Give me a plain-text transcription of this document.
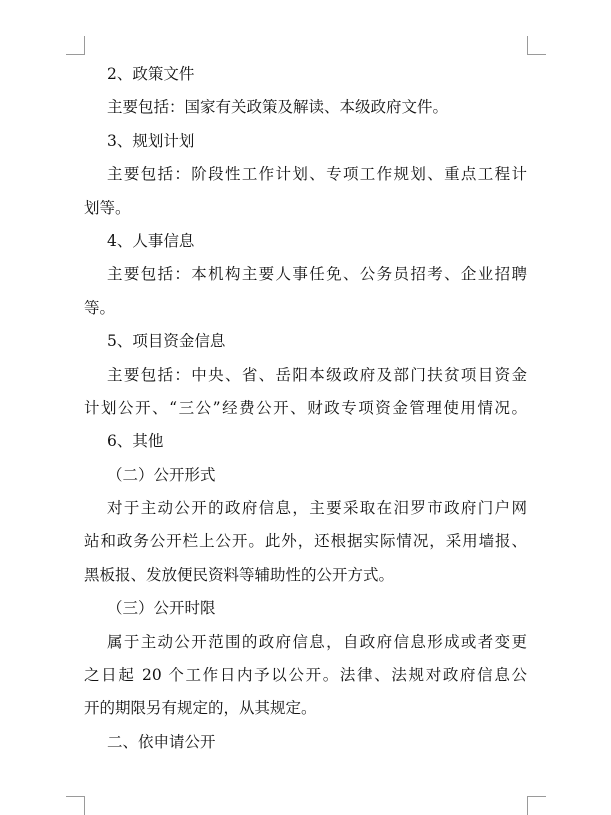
2、政策文件
主要包括：国家有关政策及解读、本级政府文件。
3、规划计划
主要包括：阶段性工作计划、专项工作规划、重点工程计
划等。
4、人事信息
主要包括：本机构主要人事任免、公务员招考、企业招聘
等。
5、项目资金信息
主要包括：中央、省、岳阳本级政府及部门扶贫项目资金
计划公开、“三公”经费公开、财政专项资金管理使用情况。
6、其他
（二）公开形式
对于主动公开的政府信息，主要采取在汨罗市政府门户网
站和政务公开栏上公开。此外，还根据实际情况，采用墙报、
黑板报、发放便民资料等辅助性的公开方式。
（三）公开时限
属于主动公开范围的政府信息，自政府信息形成或者变更
之日起 20 个工作日内予以公开。法律、法规对政府信息公
开的期限另有规定的，从其规定。
二、依申请公开
